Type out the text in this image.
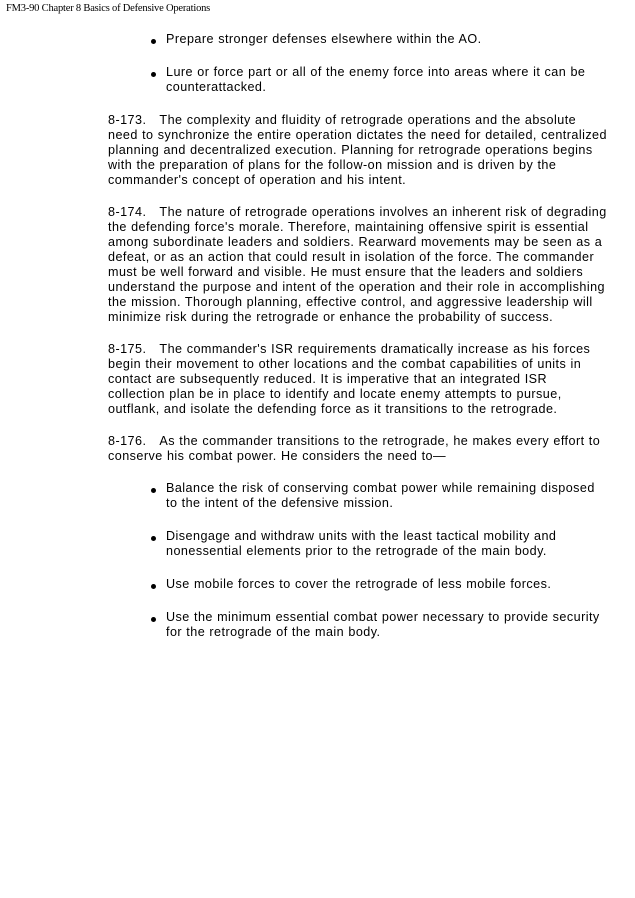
FM3-90 Chapter 8 Basics of Defensive Operations
Prepare stronger defenses elsewhere within the AO.
Lure or force part or all of the enemy force into areas where it can be counterattacked.

8-173. The complexity and fluidity of retrograde operations and the absolute need to synchronize the entire operation dictates the need for detailed, centralized planning and decentralized execution. Planning for retrograde operations begins with the preparation of plans for the follow-on mission and is driven by the commander's concept of operation and his intent.

8-174. The nature of retrograde operations involves an inherent risk of degrading the defending force's morale. Therefore, maintaining offensive spirit is essential among subordinate leaders and soldiers. Rearward movements may be seen as a defeat, or as an action that could result in isolation of the force. The commander must be well forward and visible. He must ensure that the leaders and soldiers understand the purpose and intent of the operation and their role in accomplishing the mission. Thorough planning, effective control, and aggressive leadership will minimize risk during the retrograde or enhance the probability of success.

8-175. The commander's ISR requirements dramatically increase as his forces begin their movement to other locations and the combat capabilities of units in contact are subsequently reduced. It is imperative that an integrated ISR collection plan be in place to identify and locate enemy attempts to pursue, outflank, and isolate the defending force as it transitions to the retrograde.

8-176. As the commander transitions to the retrograde, he makes every effort to conserve his combat power. He considers the need to—

Balance the risk of conserving combat power while remaining disposed to the intent of the defensive mission.
Disengage and withdraw units with the least tactical mobility and nonessential elements prior to the retrograde of the main body.
Use mobile forces to cover the retrograde of less mobile forces.
Use the minimum essential combat power necessary to provide security for the retrograde of the main body.
